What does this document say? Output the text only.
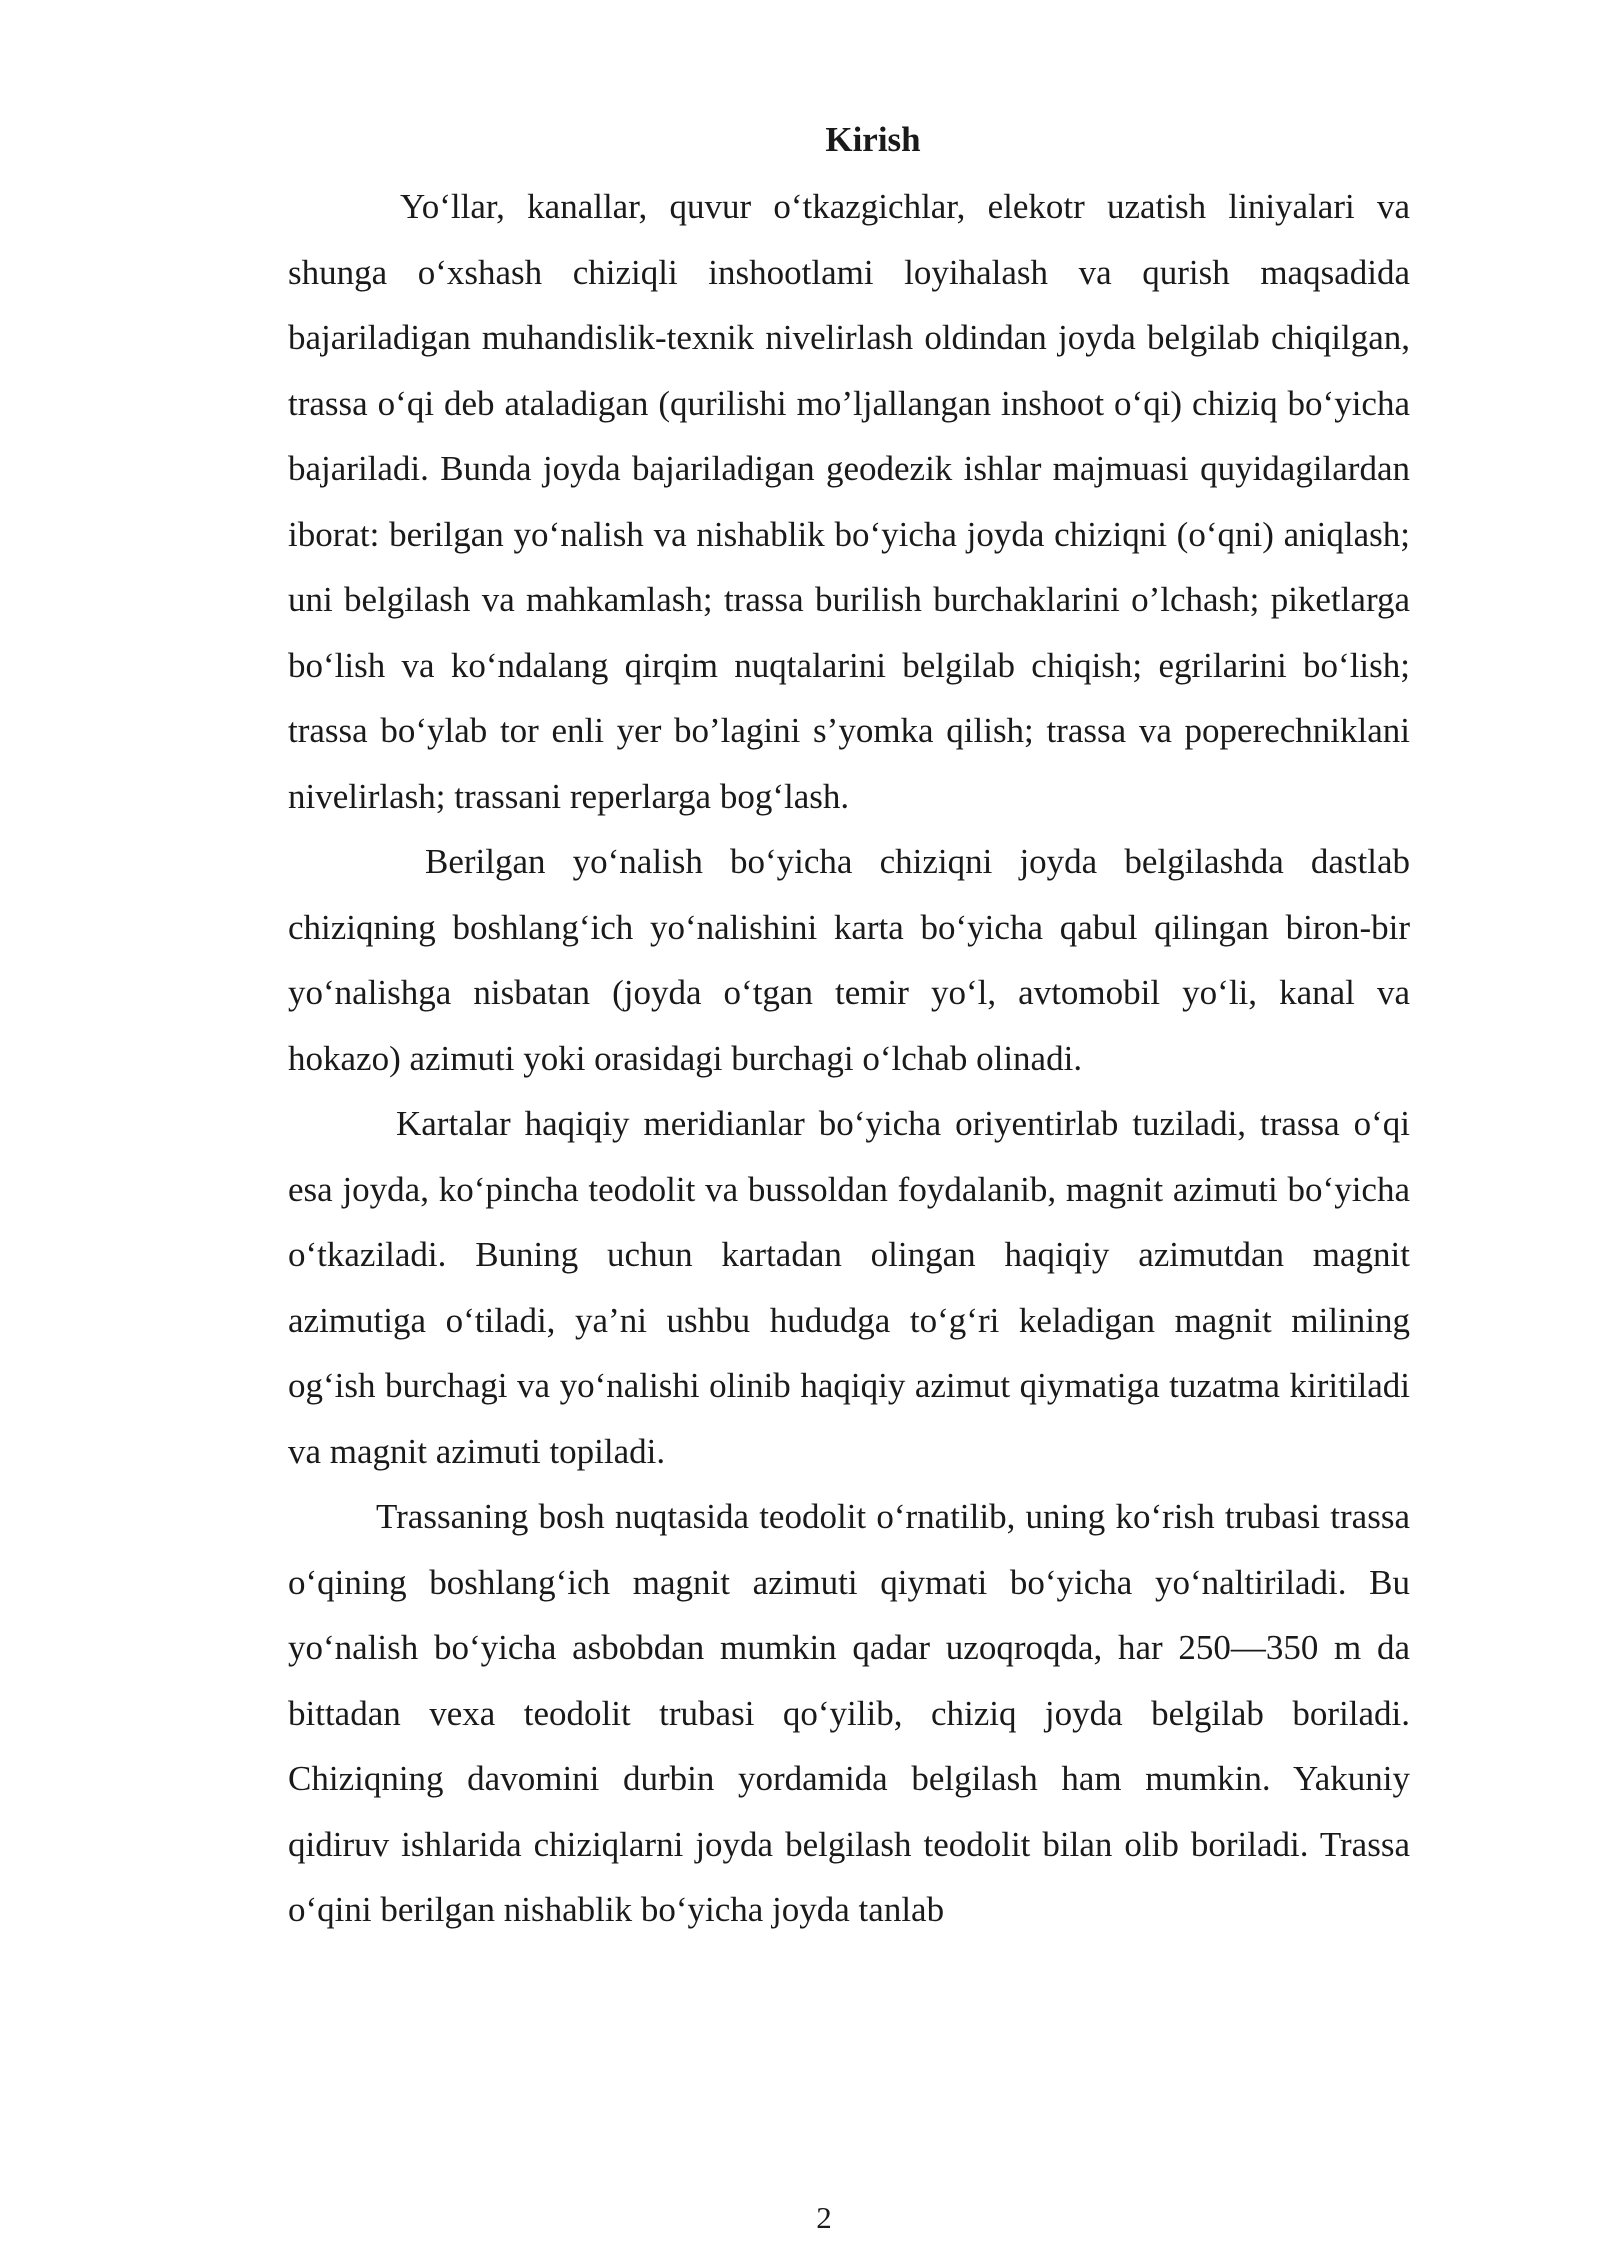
Kirish

Yo‘llar, kanallar, quvur o‘tkazgichlar, elekotr uzatish liniyalari va shunga o‘xshash chiziqli inshootlami loyihalash va qurish maqsadida bajariladigan muhandislik-texnik nivelirlash oldindan joyda belgilab chiqilgan, trassa o‘qi deb ataladigan (qurilishi mo’ljallangan inshoot o‘qi) chiziq bo‘yicha bajariladi. Bunda joyda bajariladigan geodezik ishlar majmuasi quyidagilardan iborat: berilgan yo‘nalish va nishablik bo‘yicha joyda chiziqni (o‘qni) aniqlash; uni belgilash va mahkamlash; trassa burilish burchaklarini o’lchash; piketlarga bo‘lish va ko‘ndalang qirqim nuqtalarini belgilab chiqish; egrilarini bo‘lish; trassa bo‘ylab tor enli yer bo’lagini s’yomka qilish; trassa va poperechniklani nivelirlash; trassani reperlarga bog‘lash.

Berilgan yo‘nalish bo‘yicha chiziqni joyda belgilashda dastlab chiziqning boshlang‘ich yo‘nalishini karta bo‘yicha qabul qilingan biron-bir yo‘nalishga nisbatan (joyda o‘tgan temir yo‘l, avtomobil yo‘li, kanal va hokazo) azimuti yoki orasidagi burchagi o‘lchab olinadi.

Kartalar haqiqiy meridianlar bo‘yicha oriyentirlab tuziladi, trassa o‘qi esa joyda, ko‘pincha teodolit va bussoldan foydalanib, magnit azimuti bo‘yicha o‘tkaziladi. Buning uchun kartadan olingan haqiqiy azimutdan magnit azimutiga o‘tiladi, ya’ni ushbu hududga to‘g‘ri keladigan magnit milining og‘ish burchagi va yo‘nalishi olinib haqiqiy azimut qiymatiga tuzatma kiritiladi va magnit azimuti topiladi.

Trassaning bosh nuqtasida teodolit o‘rnatilib, uning ko‘rish trubasi trassa o‘qining boshlang‘ich magnit azimuti qiymati bo‘yicha yo‘naltiriladi. Bu yo‘nalish bo‘yicha asbobdan mumkin qadar uzoqroqda, har 250—350 m da bittadan vexa teodolit trubasi qo‘yilib, chiziq joyda belgilab boriladi. Chiziqning davomini durbin yordamida belgilash ham mumkin. Yakuniy qidiruv ishlarida chiziqlarni joyda belgilash teodolit bilan olib boriladi. Trassa o‘qini berilgan nishablik bo‘yicha joyda tanlab

2
